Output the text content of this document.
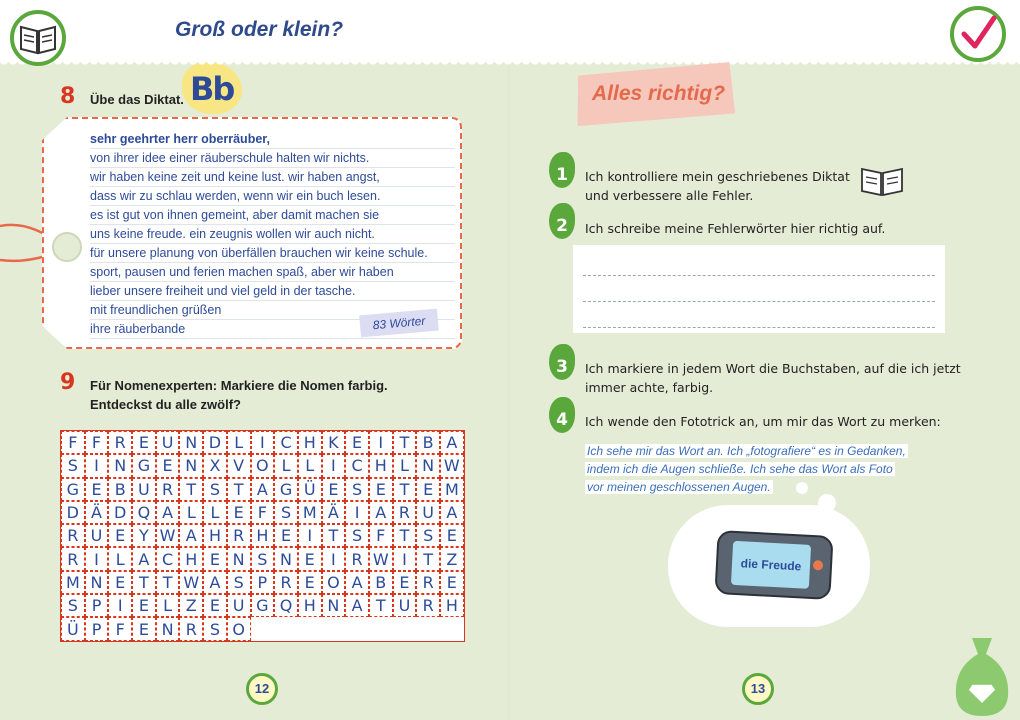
Groß oder klein?
8 Übe das Diktat. Bb
sehr geehrter herr oberräuber,
von ihrer idee einer räuberschule halten wir nichts.
wir haben keine zeit und keine lust. wir haben angst,
dass wir zu schlau werden, wenn wir ein buch lesen.
es ist gut von ihnen gemeint, aber damit machen sie
uns keine freude. ein zeugnis wollen wir auch nicht.
für unsere planung von überfällen brauchen wir keine schule.
sport, pausen und ferien machen spaß, aber wir haben
lieber unsere freiheit und viel geld in der tasche.
mit freundlichen grüßen
ihre räuberbande	83 Wörter
9 Für Nomenexperten: Markiere die Nomen farbig.
Entdeckst du alle zwölf?
F F R E U N D L	I C H K E	I	T B A
S	I N G E N X V O L L	I C H L N W
G E B U R T S T A G Ü E S E T E M
D Ä D Q A L L E F S M Ä I A R U A
R U E Y W A H R H E	I	T S F T S E
R I	L A C H E N S N E	I R W I	T Z
M N E T T W A S P R E O A B E R E
S P	I	E L Z E U G Q H N A T U R H
Ü P F E N R S O
12
Alles richtig?
1	Ich kontrolliere mein geschriebenes Diktat
und verbessere alle Fehler.
2	Ich schreibe meine Fehlerwörter hier richtig auf.
3	Ich markiere in jedem Wort die Buchstaben, auf die ich jetzt
immer achte, farbig.
4	Ich wende den Fototrick an, um mir das Wort zu merken:
Ich sehe mir das Wort an. Ich „fotografiere“ es in Gedanken,
indem ich die Augen schließe. Ich sehe das Wort als Foto
vor meinen geschlossenen Augen.
die Freude
13
